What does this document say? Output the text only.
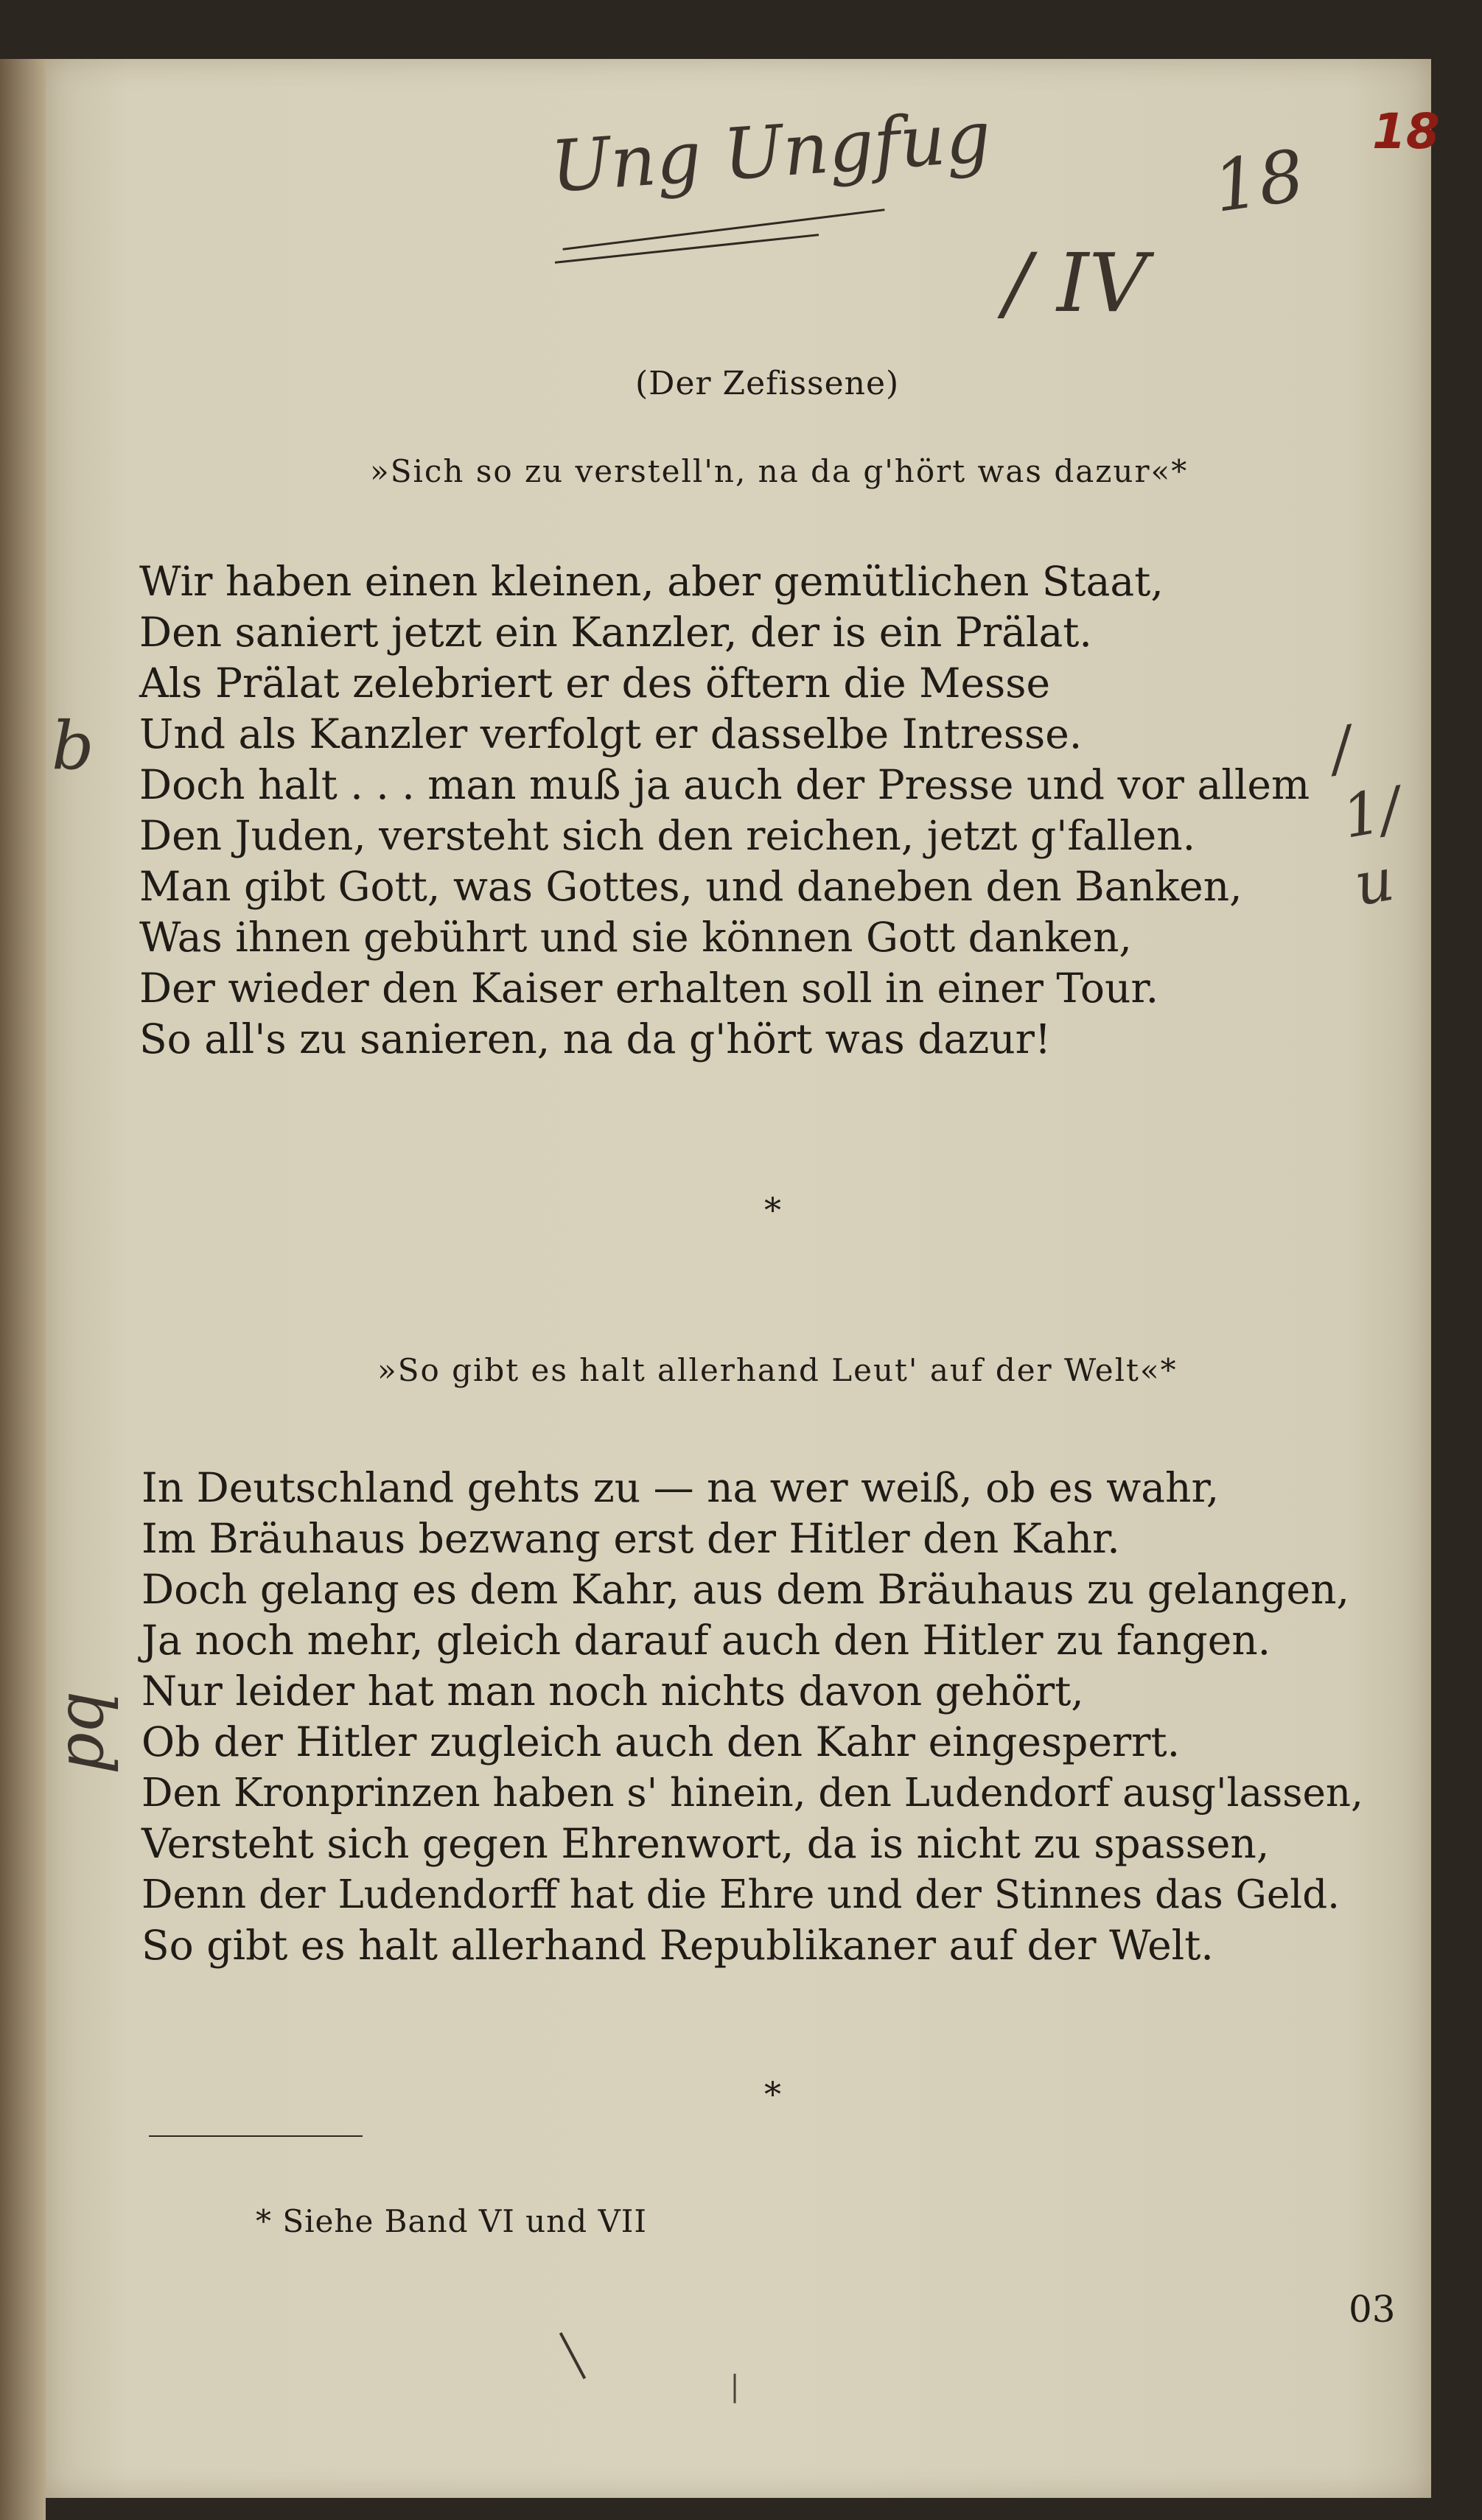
Ung Ungfug	18
18
/ IV
/ 1/ u
b
bd
(Der Zefissene)
»Sich so zu verstell'n, na da g'hört was dazur«*
Wir haben einen kleinen, aber gemütlichen Staat,
Den saniert jetzt ein Kanzler, der is ein Prälat.
Als Prälat zelebriert er des öftern die Messe
Und als Kanzler verfolgt er dasselbe Intresse.
Doch halt . . . man muß ja auch der Presse und vor allem
Den Juden, versteht sich den reichen, jetzt g'fallen.
Man gibt Gott, was Gottes, und daneben den Banken,
Was ihnen gebührt und sie können Gott danken,
Der wieder den Kaiser erhalten soll in einer Tour.
So all's zu sanieren, na da g'hört was dazur!
*
»So gibt es halt allerhand Leut' auf der Welt«*
In Deutschland gehts zu — na wer weiß, ob es wahr,
Im Bräuhaus bezwang erst der Hitler den Kahr.
Doch gelang es dem Kahr, aus dem Bräuhaus zu gelangen,
Ja noch mehr, gleich darauf auch den Hitler zu fangen.
Nur leider hat man noch nichts davon gehört,
Ob der Hitler zugleich auch den Kahr eingesperrt.
Den Kronprinzen haben s' hinein, den Ludendorf ausg'lassen,
Versteht sich gegen Ehrenwort, da is nicht zu spassen,
Denn der Ludendorff hat die Ehre und der Stinnes das Geld.
So gibt es halt allerhand Republikaner auf der Welt.
*
* Siehe Band VI und VII
03
